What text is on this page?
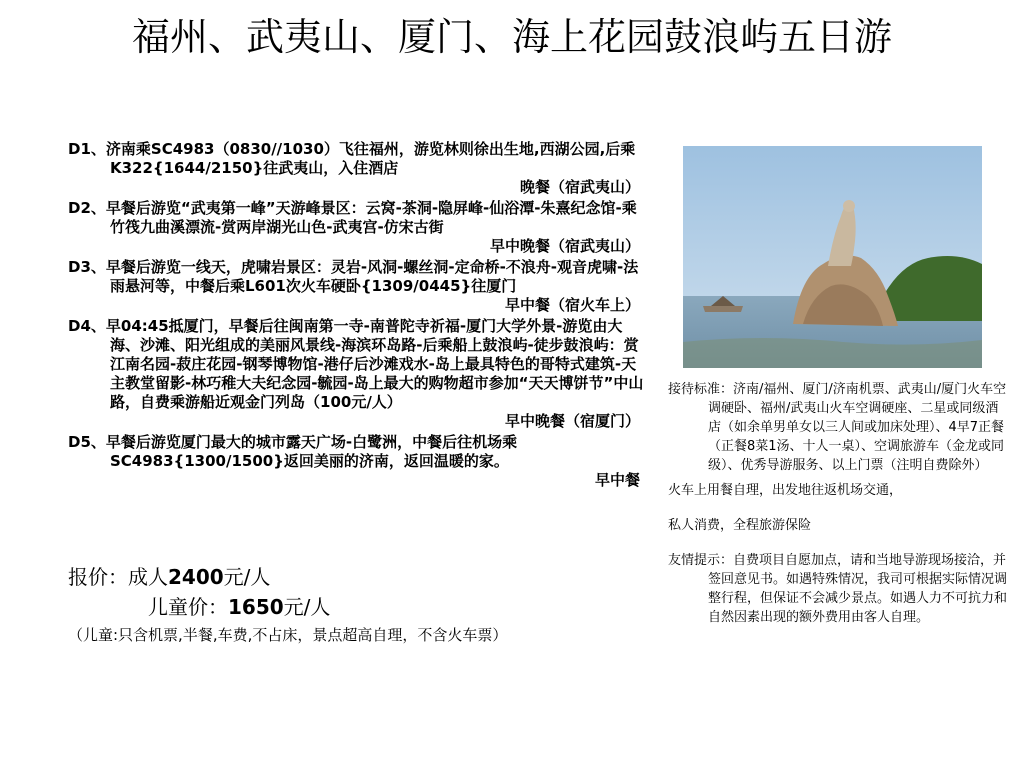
福州、武夷山、厦门、海上花园鼓浪屿五日游

D1、济南乘SC4983（0830//1030）飞往福州，游览林则徐出生地,西湖公园,后乘K322{1644/2150}往武夷山，入住酒店
晚餐（宿武夷山）

D2、早餐后游览“武夷第一峰”天游峰景区：云窝-茶洞-隐屏峰-仙浴潭-朱熹纪念馆-乘竹筏九曲溪漂流-赏两岸湖光山色-武夷宫-仿宋古街
早中晚餐（宿武夷山）

D3、早餐后游览一线天，虎啸岩景区：灵岩-风洞-螺丝洞-定命桥-不浪舟-观音虎啸-法雨悬河等，中餐后乘L601次火车硬卧{1309/0445}往厦门
早中餐（宿火车上）

D4、早04:45抵厦门，早餐后往闽南第一寺-南普陀寺祈福-厦门大学外景-游览由大海、沙滩、阳光组成的美丽风景线-海滨环岛路-后乘船上鼓浪屿-徒步鼓浪屿：赏江南名园-菽庄花园-钢琴博物馆-港仔后沙滩戏水-岛上最具特色的哥特式建筑-天主教堂留影-林巧稚大夫纪念园-毓园-岛上最大的购物超市参加“天天博饼节”中山路，自费乘游船近观金门列岛（100元/人）
早中晚餐（宿厦门）

D5、早餐后游览厦门最大的城市露天广场-白鹭洲，中餐后往机场乘SC4983{1300/1500}返回美丽的济南，返回温暖的家。
早中餐

报价：成人2400元/人
儿童价：1650元/人
（儿童:只含机票,半餐,车费,不占床，景点超高自理，不含火车票）

接待标准：济南/福州、厦门/济南机票、武夷山/厦门火车空调硬卧、福州/武夷山火车空调硬座、二星或同级酒店（如余单男单女以三人间或加床处理）、4早7正餐（正餐8菜1汤、十人一桌）、空调旅游车（金龙或同级）、优秀导游服务、以上门票（注明自费除外）

火车上用餐自理，出发地往返机场交通，

私人消费，全程旅游保险

友情提示：自费项目自愿加点，请和当地导游现场接洽，并签回意见书。如遇特殊情况，我司可根据实际情况调整行程，但保证不会减少景点。如遇人力不可抗力和自然因素出现的额外费用由客人自理。
